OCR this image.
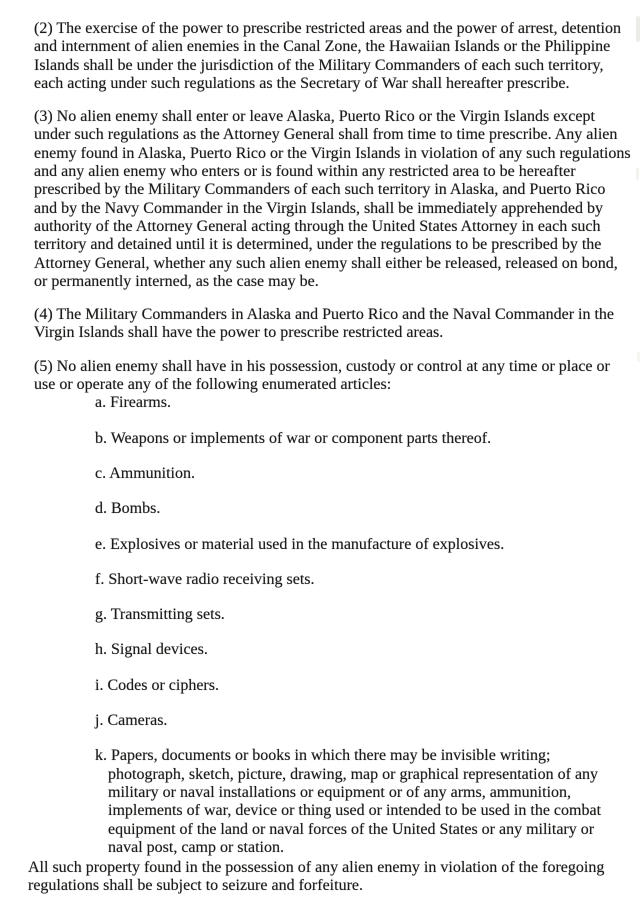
(2) The exercise of the power to prescribe restricted areas and the power of arrest, detention
and internment of alien enemies in the Canal Zone, the Hawaiian Islands or the Philippine
Islands shall be under the jurisdiction of the Military Commanders of each such territory,
each acting under such regulations as the Secretary of War shall hereafter prescribe.
(3) No alien enemy shall enter or leave Alaska, Puerto Rico or the Virgin Islands except
under such regulations as the Attorney General shall from time to time prescribe. Any alien
enemy found in Alaska, Puerto Rico or the Virgin Islands in violation of any such regulations
and any alien enemy who enters or is found within any restricted area to be hereafter
prescribed by the Military Commanders of each such territory in Alaska, and Puerto Rico
and by the Navy Commander in the Virgin Islands, shall be immediately apprehended by
authority of the Attorney General acting through the United States Attorney in each such
territory and detained until it is determined, under the regulations to be prescribed by the
Attorney General, whether any such alien enemy shall either be released, released on bond,
or permanently interned, as the case may be.
(4) The Military Commanders in Alaska and Puerto Rico and the Naval Commander in the
Virgin Islands shall have the power to prescribe restricted areas.
(5) No alien enemy shall have in his possession, custody or control at any time or place or
use or operate any of the following enumerated articles:
a. Firearms.
b. Weapons or implements of war or component parts thereof.
c. Ammunition.
d. Bombs.
e. Explosives or material used in the manufacture of explosives.
f. Short-wave radio receiving sets.
g. Transmitting sets.
h. Signal devices.
i. Codes or ciphers.
j. Cameras.
k. Papers, documents or books in which there may be invisible writing;
photograph, sketch, picture, drawing, map or graphical representation of any
military or naval installations or equipment or of any arms, ammunition,
implements of war, device or thing used or intended to be used in the combat
equipment of the land or naval forces of the United States or any military or
naval post, camp or station.
All such property found in the possession of any alien enemy in violation of the foregoing
regulations shall be subject to seizure and forfeiture.
